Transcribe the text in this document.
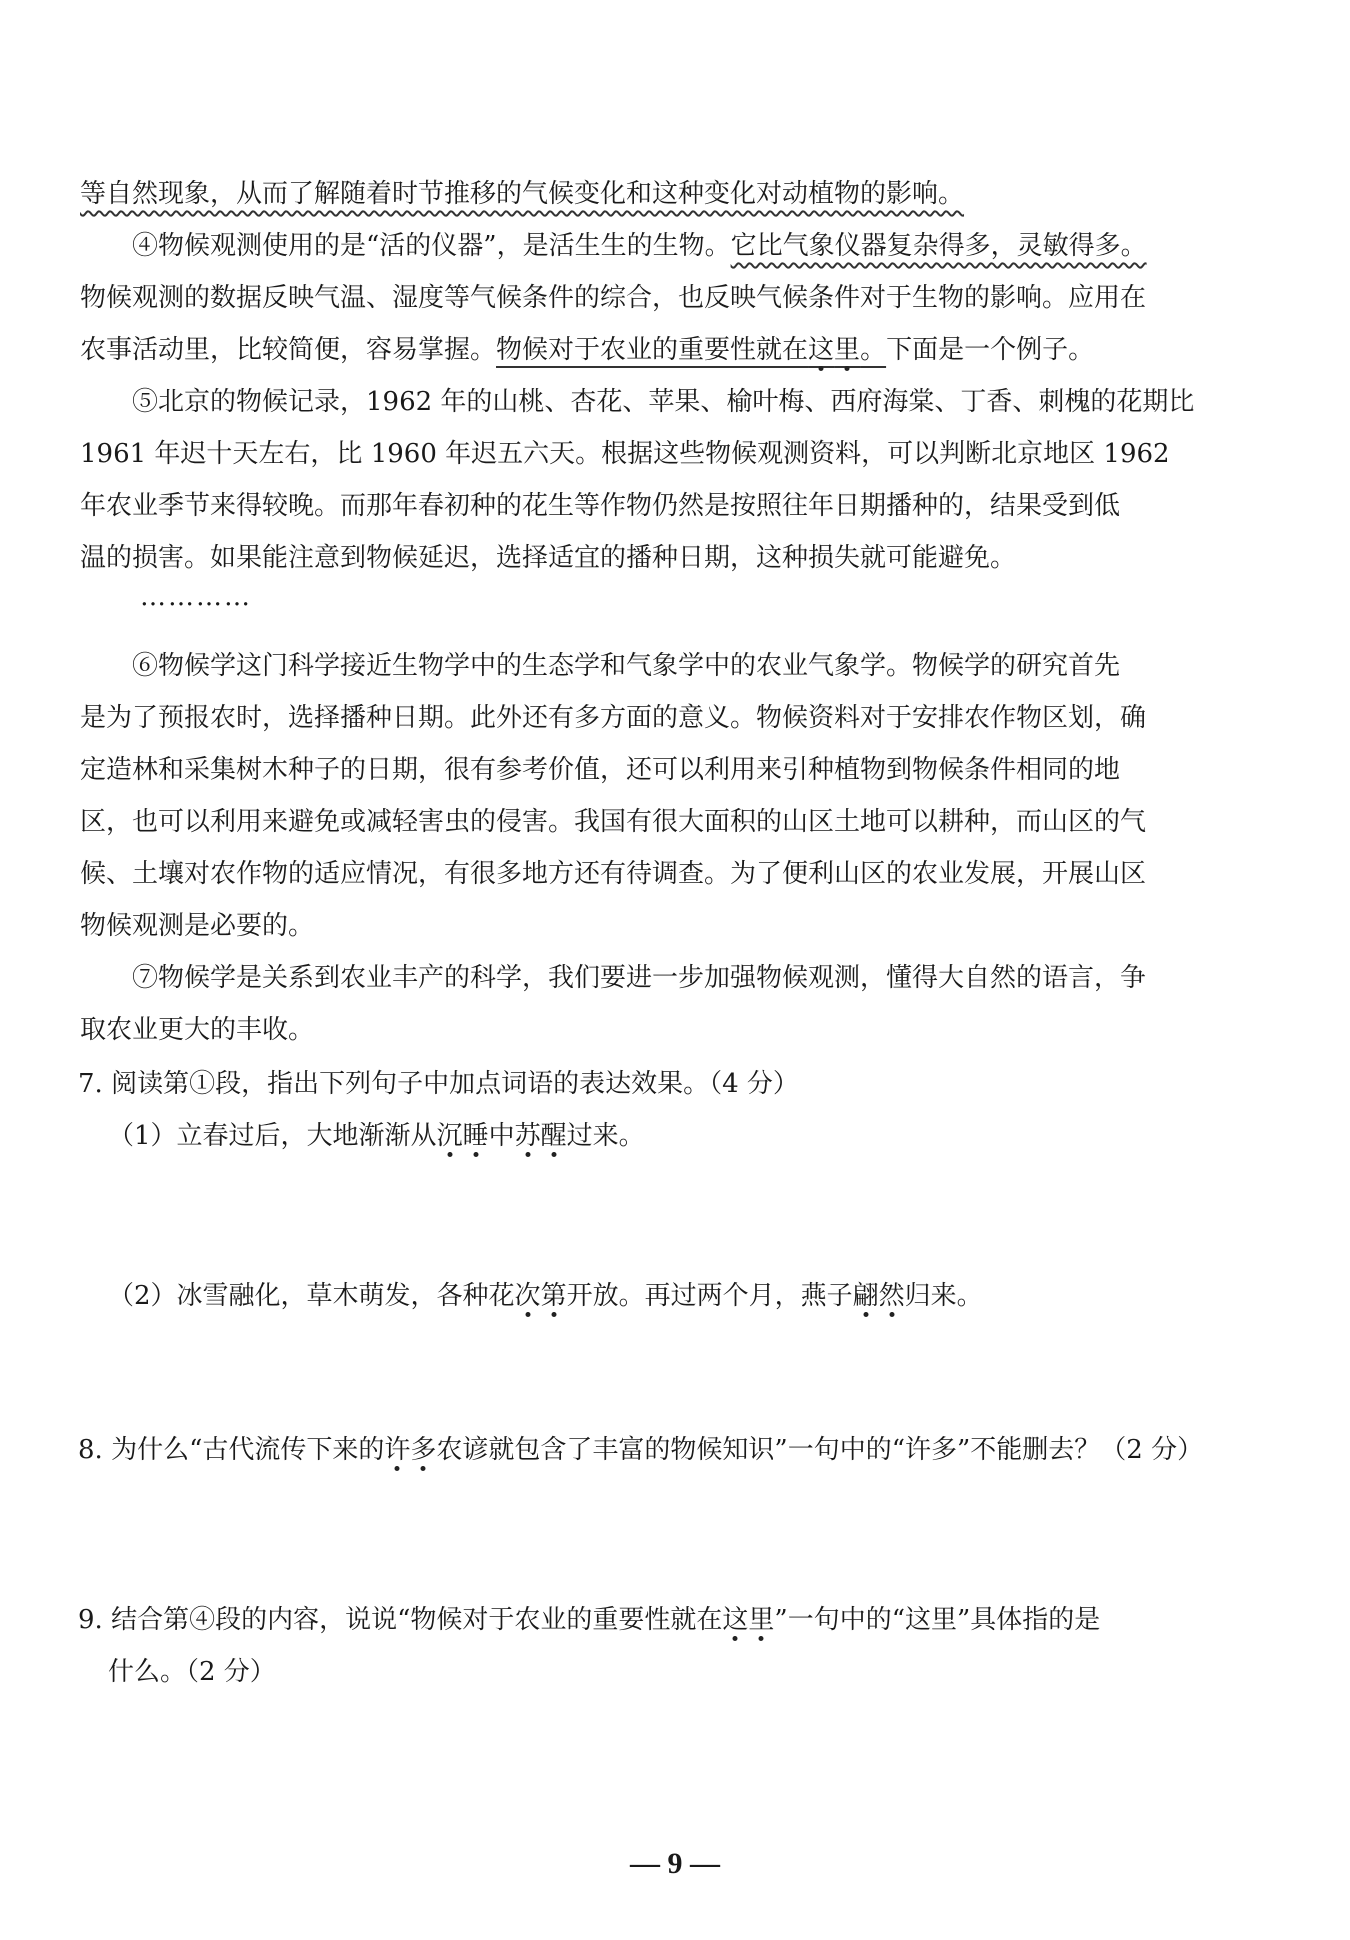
等自然现象，从而了解随着时节推移的气候变化和这种变化对动植物的影响。

④物候观测使用的是“活的仪器”，是活生生的生物。它比气象仪器复杂得多，灵敏得多。

物候观测的数据反映气温、湿度等气候条件的综合，也反映气候条件对于生物的影响。应用在

农事活动里，比较简便，容易掌握。物候对于农业的重要性就在这里。下面是一个例子。

⑤北京的物候记录，1962 年的山桃、杏花、苹果、榆叶梅、西府海棠、丁香、刺槐的花期比

1961 年迟十天左右，比 1960 年迟五六天。根据这些物候观测资料，可以判断北京地区 1962

年农业季节来得较晚。而那年春初种的花生等作物仍然是按照往年日期播种的，结果受到低

温的损害。如果能注意到物候延迟，选择适宜的播种日期，这种损失就可能避免。

…………

⑥物候学这门科学接近生物学中的生态学和气象学中的农业气象学。物候学的研究首先

是为了预报农时，选择播种日期。此外还有多方面的意义。物候资料对于安排农作物区划，确

定造林和采集树木种子的日期，很有参考价值，还可以利用来引种植物到物候条件相同的地

区，也可以利用来避免或减轻害虫的侵害。我国有很大面积的山区土地可以耕种，而山区的气

候、土壤对农作物的适应情况，有很多地方还有待调查。为了便利山区的农业发展，开展山区

物候观测是必要的。

⑦物候学是关系到农业丰产的科学，我们要进一步加强物候观测，懂得大自然的语言，争

取农业更大的丰收。

7. 阅读第①段，指出下列句子中加点词语的表达效果。（4 分）

（1）立春过后，大地渐渐从沉睡中苏醒过来。

（2）冰雪融化，草木萌发，各种花次第开放。再过两个月，燕子翩然归来。

8. 为什么“古代流传下来的许多农谚就包含了丰富的物候知识”一句中的“许多”不能删去？（2 分）

9. 结合第④段的内容，说说“物候对于农业的重要性就在这里”一句中的“这里”具体指的是

什么。（2 分）

— 9 —
